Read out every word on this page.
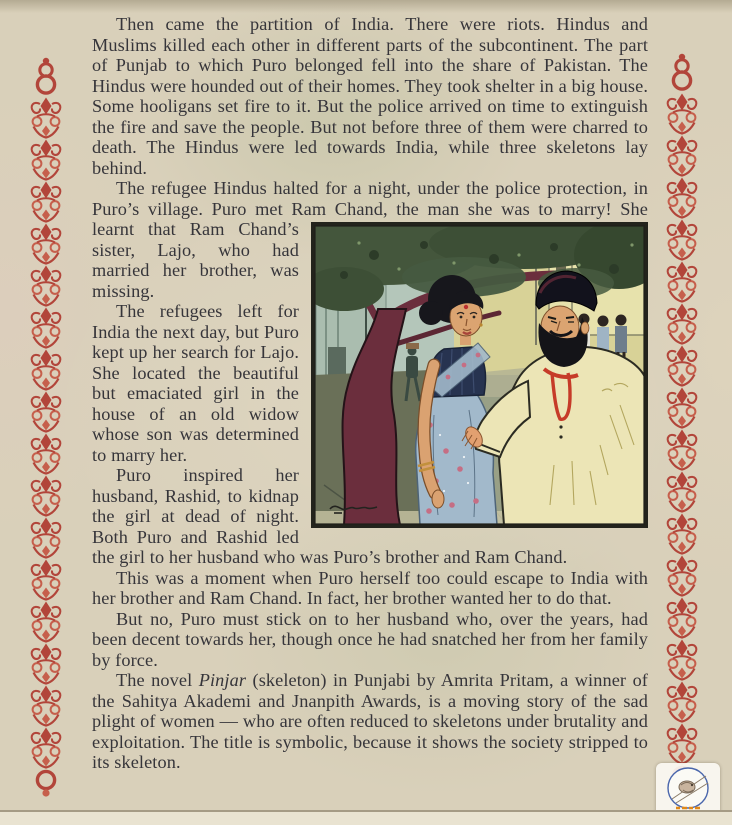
Then came the partition of India. There were riots. Hindus and Muslims killed each other in different parts of the subcontinent. The part of Punjab to which Puro belonged fell into the share of Pakistan. The Hindus were hounded out of their homes. They took shelter in a big house. Some hooligans set fire to it. But the police arrived on time to extinguish the fire and save the people. But not before three of them were charred to death. The Hindus were led towards India, while three skeletons lay behind.

The refugee Hindus halted for a night, under the police protection, in Puro’s village. Puro met Ram Chand, the man she was to marry! She
learnt that Ram Chand’s sister, Lajo, who had married her brother, was missing.

The refugees left for India the next day, but Puro kept up her search for Lajo. She located the beautiful but emaciated girl in the house of an old widow whose son was determined to marry her.

Puro inspired her husband, Rashid, to kidnap the girl at dead of night. Both Puro and Rashid led the girl to her husband who was Puro’s brother and Ram Chand.

This was a moment when Puro herself too could escape to India with her brother and Ram Chand. In fact, her brother wanted her to do that.

But no, Puro must stick on to her husband who, over the years, had been decent towards her, though once he had snatched her from her family by force.

The novel Pinjar (skeleton) in Punjabi by Amrita Pritam, a winner of the Sahitya Akademi and Jnanpith Awards, is a moving story of the sad plight of women — who are often reduced to skeletons under brutality and exploitation. The title is symbolic, because it shows the society stripped to its skeleton.
